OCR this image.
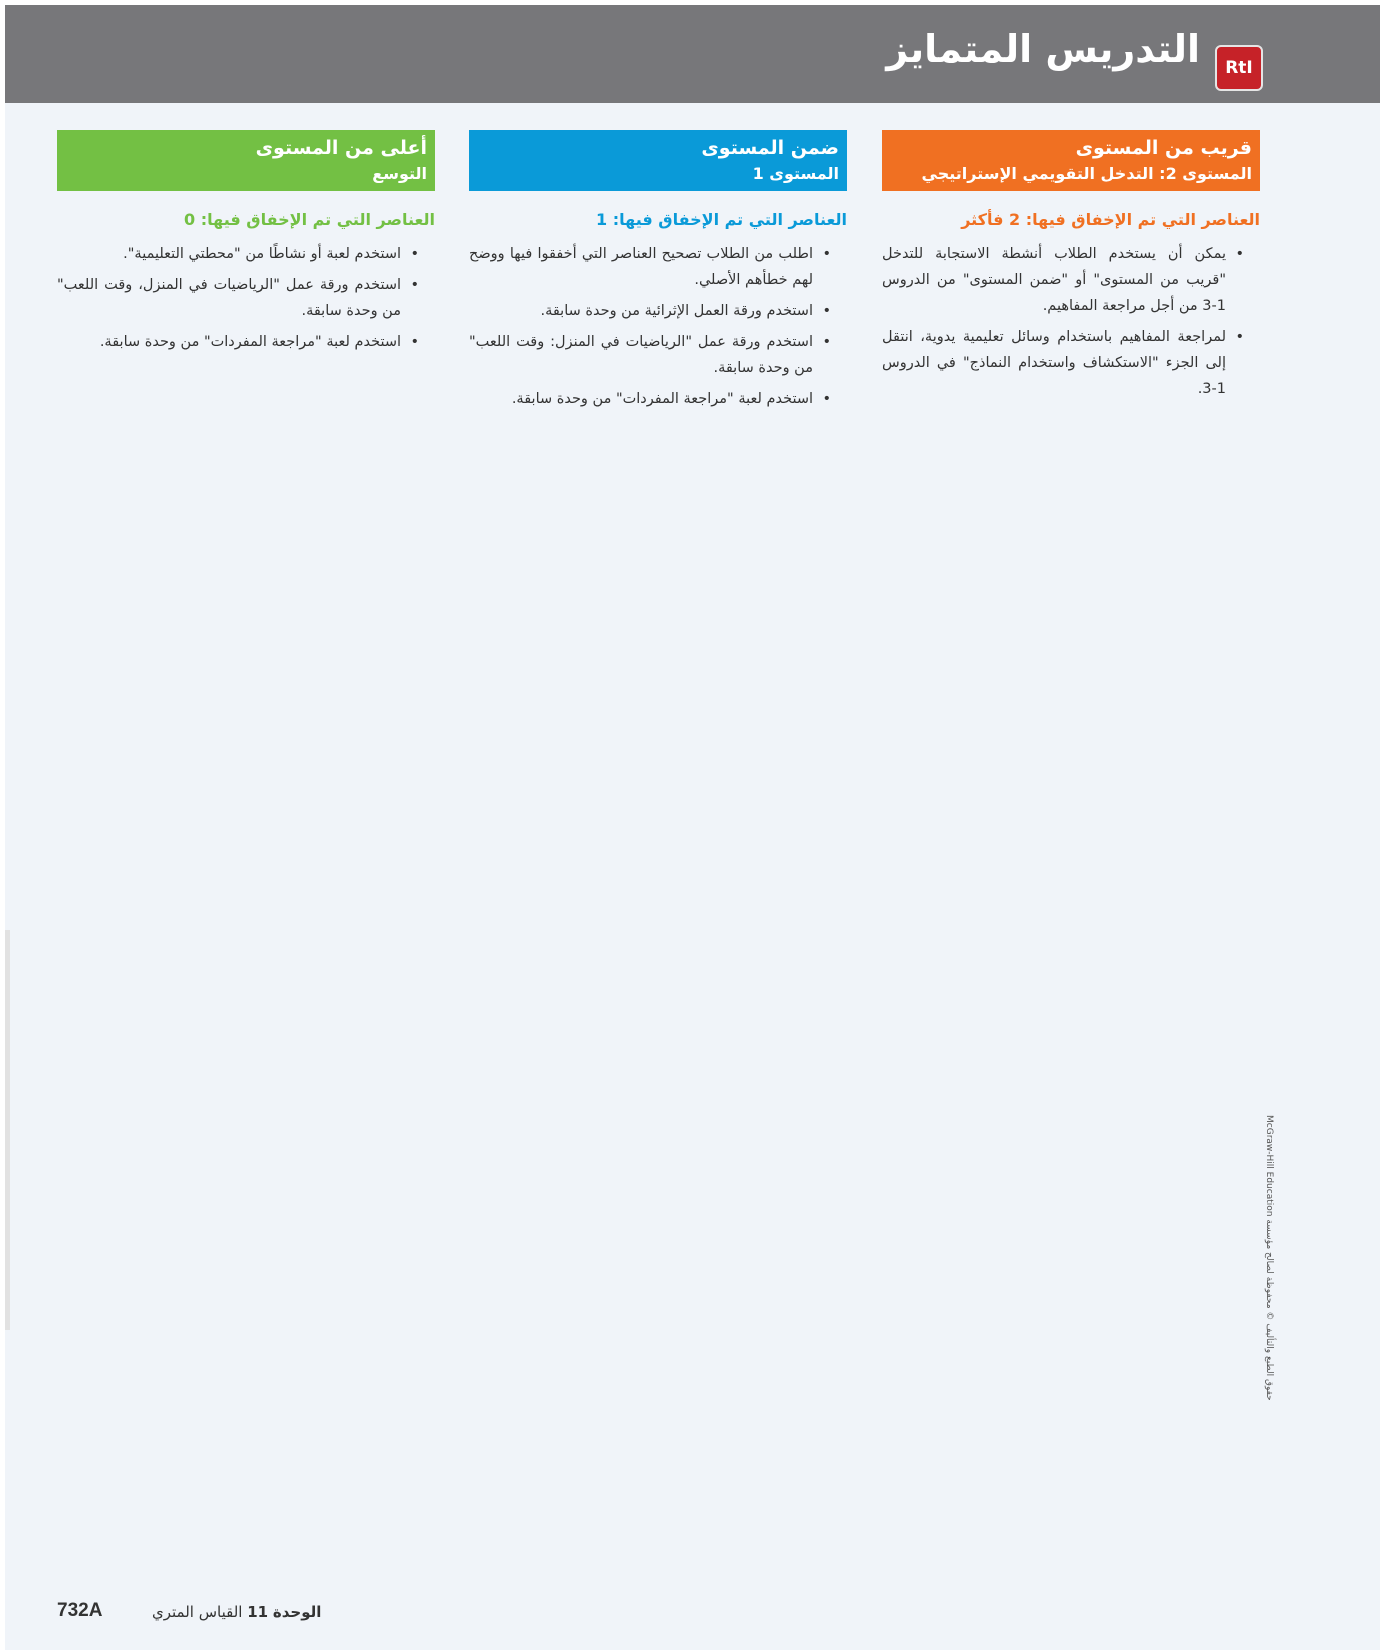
التدريس المتمايز	RtI
قريب من المستوى
المستوى 2: التدخل التقويمي الإستراتيجي
العناصر التي تم الإخفاق فيها: 2 فأكثر
• يمكن أن يستخدم الطلاب أنشطة الاستجابة للتدخل "قريب من المستوى" أو "ضمن المستوى" من الدروس 1-3 من أجل مراجعة المفاهيم.
• لمراجعة المفاهيم باستخدام وسائل تعليمية يدوية، انتقل إلى الجزء "الاستكشاف واستخدام النماذج" في الدروس 1-3.
ضمن المستوى
المستوى 1
العناصر التي تم الإخفاق فيها: 1
• اطلب من الطلاب تصحيح العناصر التي أخفقوا فيها ووضح لهم خطأهم الأصلي.
• استخدم ورقة العمل الإثرائية من وحدة سابقة.
• استخدم ورقة عمل "الرياضيات في المنزل: وقت اللعب" من وحدة سابقة.
• استخدم لعبة "مراجعة المفردات" من وحدة سابقة.
أعلى من المستوى
التوسع
العناصر التي تم الإخفاق فيها: 0
• استخدم لعبة أو نشاطًا من "محطتي التعليمية".
• استخدم ورقة عمل "الرياضيات في المنزل، وقت اللعب" من وحدة سابقة.
• استخدم لعبة "مراجعة المفردات" من وحدة سابقة.
حقوق الطبع والتأليف © محفوظة لصالح مؤسسة McGraw-Hill Education
732A	الوحدة 11 القياس المتري
